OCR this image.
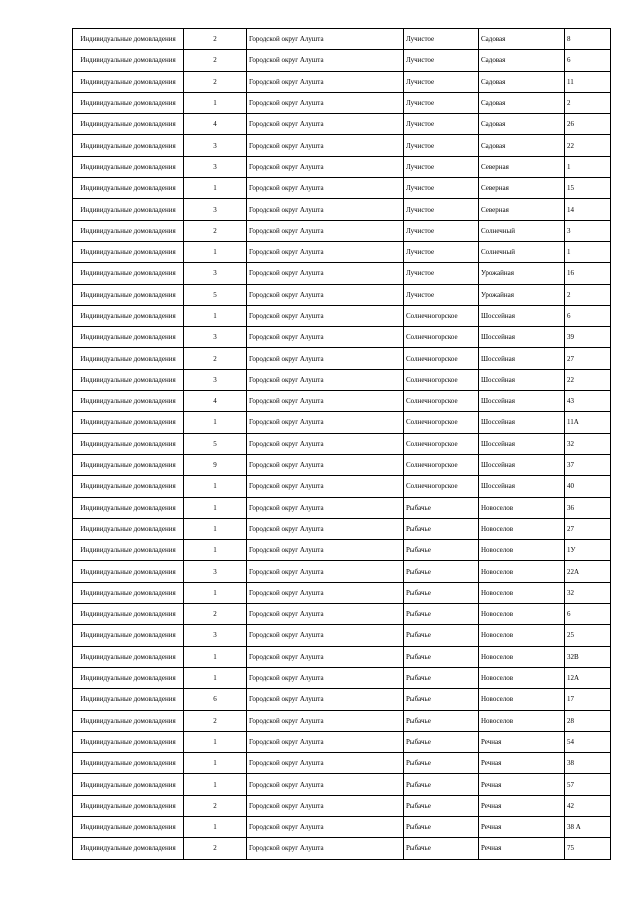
Индивидуальные домовладения	2	Городской округ Алушта	Лучистое	Садовая	8
Индивидуальные домовладения	2	Городской округ Алушта	Лучистое	Садовая	6
Индивидуальные домовладения	2	Городской округ Алушта	Лучистое	Садовая	11
Индивидуальные домовладения	1	Городской округ Алушта	Лучистое	Садовая	2
Индивидуальные домовладения	4	Городской округ Алушта	Лучистое	Садовая	26
Индивидуальные домовладения	3	Городской округ Алушта	Лучистое	Садовая	22
Индивидуальные домовладения	3	Городской округ Алушта	Лучистое	Северная	1
Индивидуальные домовладения	1	Городской округ Алушта	Лучистое	Северная	15
Индивидуальные домовладения	3	Городской округ Алушта	Лучистое	Северная	14
Индивидуальные домовладения	2	Городской округ Алушта	Лучистое	Солнечный	3
Индивидуальные домовладения	1	Городской округ Алушта	Лучистое	Солнечный	1
Индивидуальные домовладения	3	Городской округ Алушта	Лучистое	Урожайная	16
Индивидуальные домовладения	5	Городской округ Алушта	Лучистое	Урожайная	2
Индивидуальные домовладения	1	Городской округ Алушта	Солнечногорское	Шоссейная	6
Индивидуальные домовладения	3	Городской округ Алушта	Солнечногорское	Шоссейная	39
Индивидуальные домовладения	2	Городской округ Алушта	Солнечногорское	Шоссейная	27
Индивидуальные домовладения	3	Городской округ Алушта	Солнечногорское	Шоссейная	22
Индивидуальные домовладения	4	Городской округ Алушта	Солнечногорское	Шоссейная	43
Индивидуальные домовладения	1	Городской округ Алушта	Солнечногорское	Шоссейная	11А
Индивидуальные домовладения	5	Городской округ Алушта	Солнечногорское	Шоссейная	32
Индивидуальные домовладения	9	Городской округ Алушта	Солнечногорское	Шоссейная	37
Индивидуальные домовладения	1	Городской округ Алушта	Солнечногорское	Шоссейная	40
Индивидуальные домовладения	1	Городской округ Алушта	Рыбачье	Новоселов	36
Индивидуальные домовладения	1	Городской округ Алушта	Рыбачье	Новоселов	27
Индивидуальные домовладения	1	Городской округ Алушта	Рыбачье	Новоселов	1У
Индивидуальные домовладения	3	Городской округ Алушта	Рыбачье	Новоселов	22А
Индивидуальные домовладения	1	Городской округ Алушта	Рыбачье	Новоселов	32
Индивидуальные домовладения	2	Городской округ Алушта	Рыбачье	Новоселов	6
Индивидуальные домовладения	3	Городской округ Алушта	Рыбачье	Новоселов	25
Индивидуальные домовладения	1	Городской округ Алушта	Рыбачье	Новоселов	32В
Индивидуальные домовладения	1	Городской округ Алушта	Рыбачье	Новоселов	12А
Индивидуальные домовладения	6	Городской округ Алушта	Рыбачье	Новоселов	17
Индивидуальные домовладения	2	Городской округ Алушта	Рыбачье	Новоселов	28
Индивидуальные домовладения	1	Городской округ Алушта	Рыбачье	Речная	54
Индивидуальные домовладения	1	Городской округ Алушта	Рыбачье	Речная	38
Индивидуальные домовладения	1	Городской округ Алушта	Рыбачье	Речная	57
Индивидуальные домовладения	2	Городской округ Алушта	Рыбачье	Речная	42
Индивидуальные домовладения	1	Городской округ Алушта	Рыбачье	Речная	38 А
Индивидуальные домовладения	2	Городской округ Алушта	Рыбачье	Речная	75
